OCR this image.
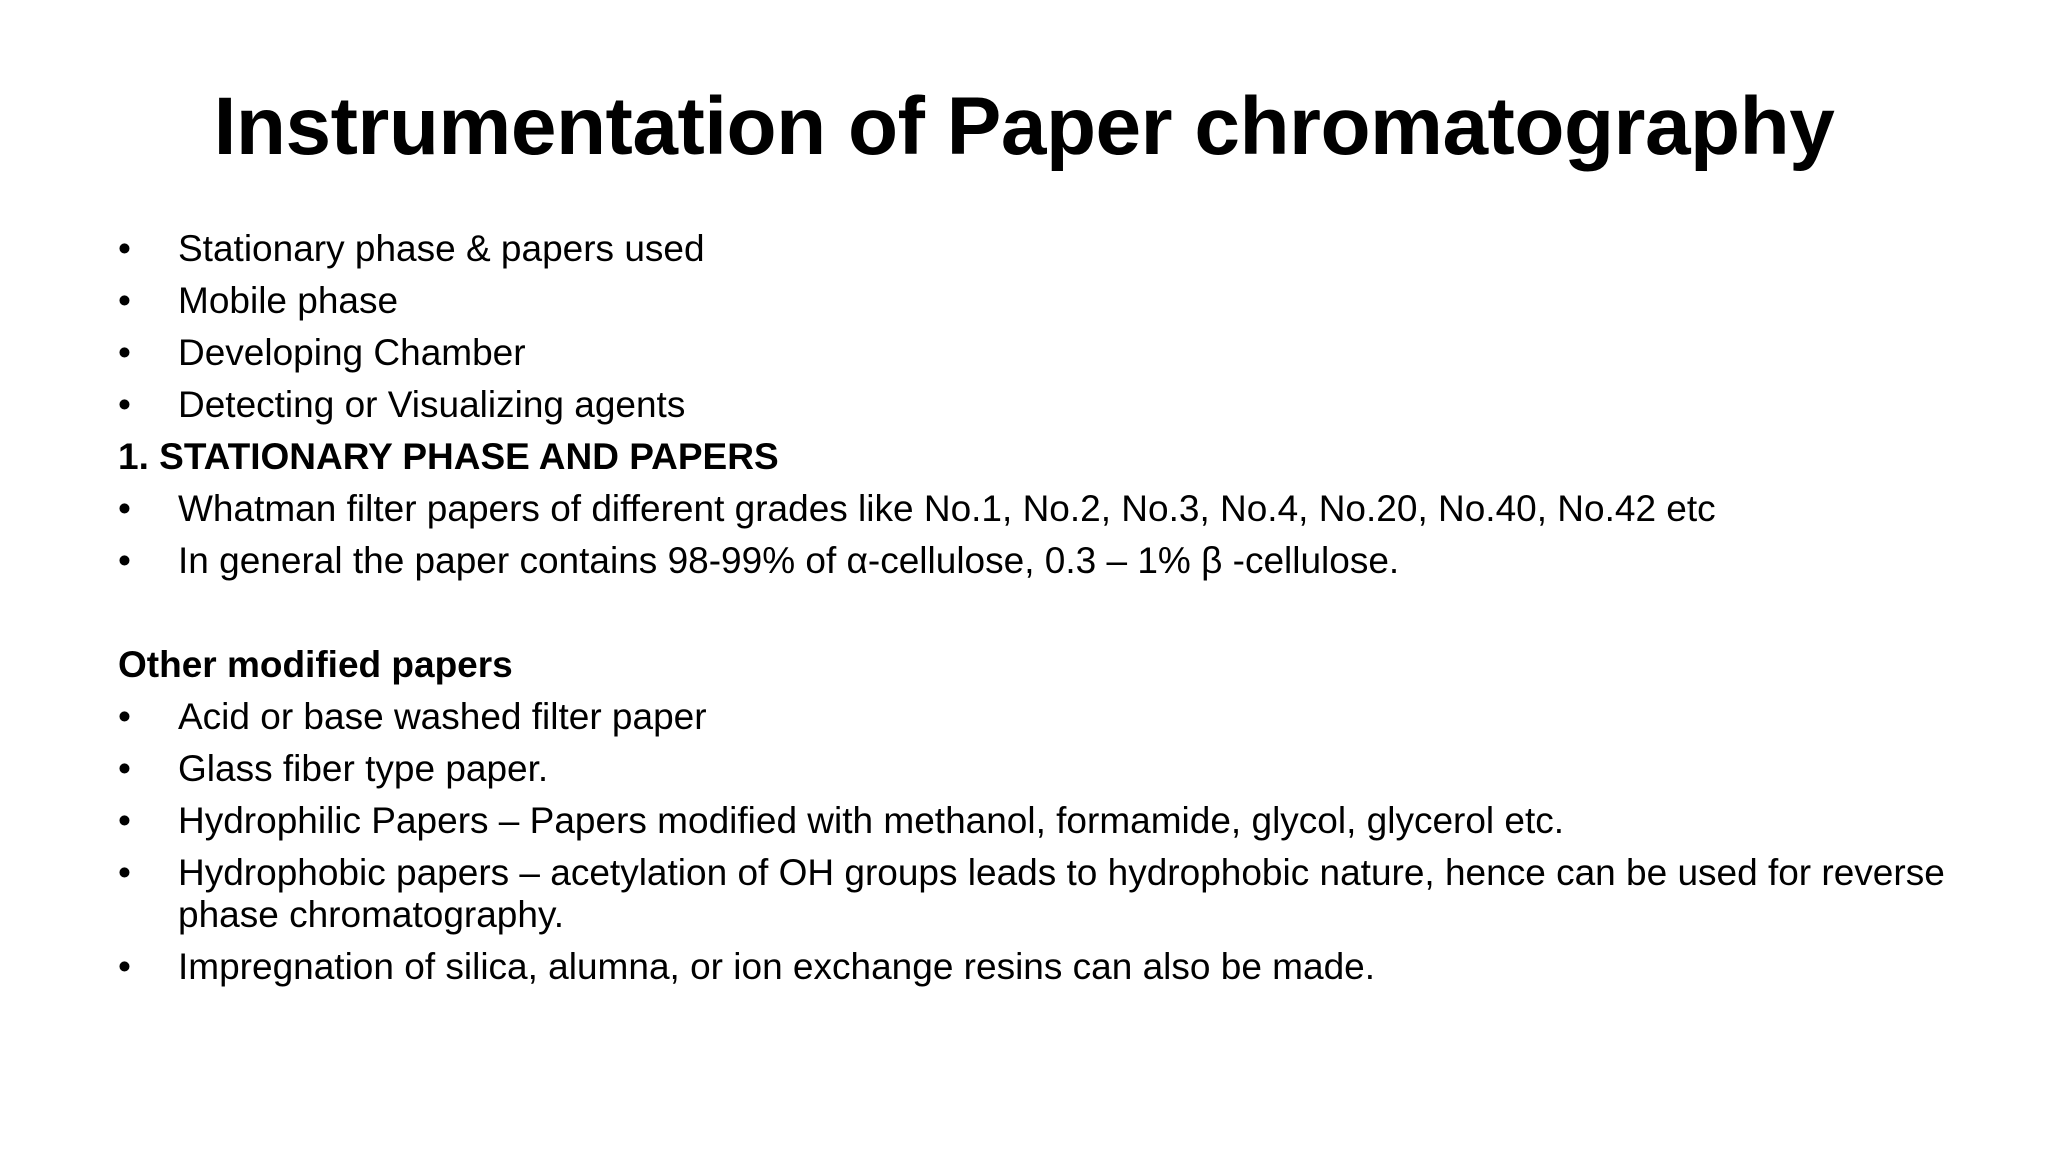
Instrumentation of Paper chromatography
•	Stationary phase & papers used
•	Mobile phase
•	Developing Chamber
•	Detecting or Visualizing agents

1. STATIONARY PHASE AND PAPERS

•	Whatman filter papers of different grades like No.1, No.2, No.3, No.4, No.20, No.40, No.42 etc
•	In general the paper contains 98-99% of α-cellulose, 0.3 – 1% β -cellulose.

Other modified papers

•	Acid or base washed filter paper
•	Glass fiber type paper.
•	Hydrophilic Papers – Papers modified with methanol, formamide, glycol, glycerol etc.
•	Hydrophobic papers – acetylation of OH groups leads to hydrophobic nature, hence can be used for reverse phase chromatography.
•	Impregnation of silica, alumna, or ion exchange resins can also be made.
